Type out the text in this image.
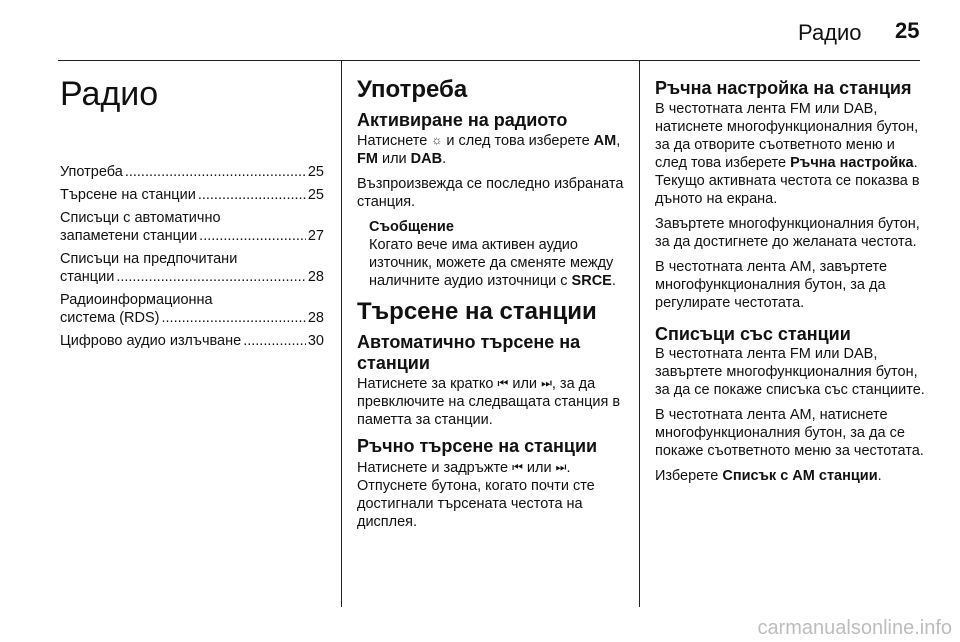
Радио 25
Радио
Употреба .....	25
Търсене на станции .....	25
Списъци с автоматично
запаметени станции .....	27
Списъци на предпочитани
станции .....	28
Радиоинформационна
система (RDS) .....	28
Цифрово аудио излъчване .....	30
Употреба
Активиране на радиото

Натиснете ☼ и след това изберете AM, FM или DAB.

Възпроизвежда се последно избраната станция.

Съобщение
Когато вече има активен аудио източник, можете да сменяте между наличните аудио източници с SRCE.
Търсене на станции
Автоматично търсене на станции

Натиснете за кратко ⏮ или ⏭, за да превключите на следващата станция в паметта за станции.

Ръчно търсене на станции

Натиснете и задръжте ⏮ или ⏭. Отпуснете бутона, когато почти сте достигнали търсената честота на дисплея.

Ръчна настройка на станция

В честотната лента FM или DAB, натиснете многофункционалния бутон, за да отворите съответното меню и след това изберете Ръчна настройка. Текущо активната честота се показва в дъното на екрана.

Завъртете многофункционалния бутон, за да достигнете до желаната честота.

В честотната лента AM, завъртете многофункционалния бутон, за да регулирате честотата.

Списъци със станции

В честотната лента FM или DAB, завъртете многофункционалния бутон, за да се покаже списъка със станциите.

В честотната лента AM, натиснете многофункционалния бутон, за да се покаже съответното меню за честотата.

Изберете Списък с AM станции.

carmanualsonline.info
